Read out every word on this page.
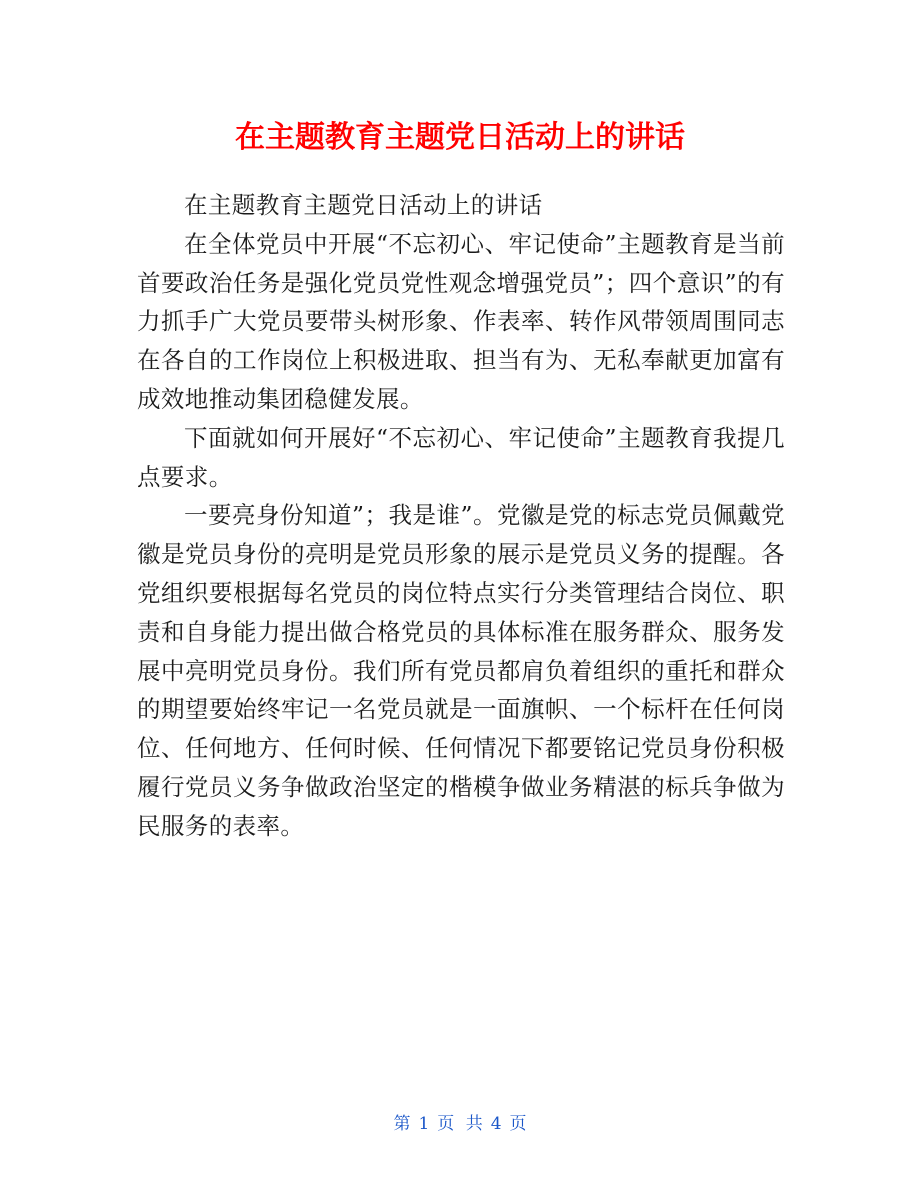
在主题教育主题党日活动上的讲话

在主题教育主题党日活动上的讲话

在全体党员中开展“不忘初心、牢记使命”主题教育是当前首要政治任务是强化党员党性观念增强党员”；四个意识”的有力抓手广大党员要带头树形象、作表率、转作风带领周围同志在各自的工作岗位上积极进取、担当有为、无私奉献更加富有成效地推动集团稳健发展。

下面就如何开展好“不忘初心、牢记使命”主题教育我提几点要求。

一要亮身份知道”；我是谁”。党徽是党的标志党员佩戴党徽是党员身份的亮明是党员形象的展示是党员义务的提醒。各党组织要根据每名党员的岗位特点实行分类管理结合岗位、职责和自身能力提出做合格党员的具体标准在服务群众、服务发展中亮明党员身份。我们所有党员都肩负着组织的重托和群众的期望要始终牢记一名党员就是一面旗帜、一个标杆在任何岗位、任何地方、任何时候、任何情况下都要铭记党员身份积极履行党员义务争做政治坚定的楷模争做业务精湛的标兵争做为民服务的表率。

第 1 页 共 4 页
